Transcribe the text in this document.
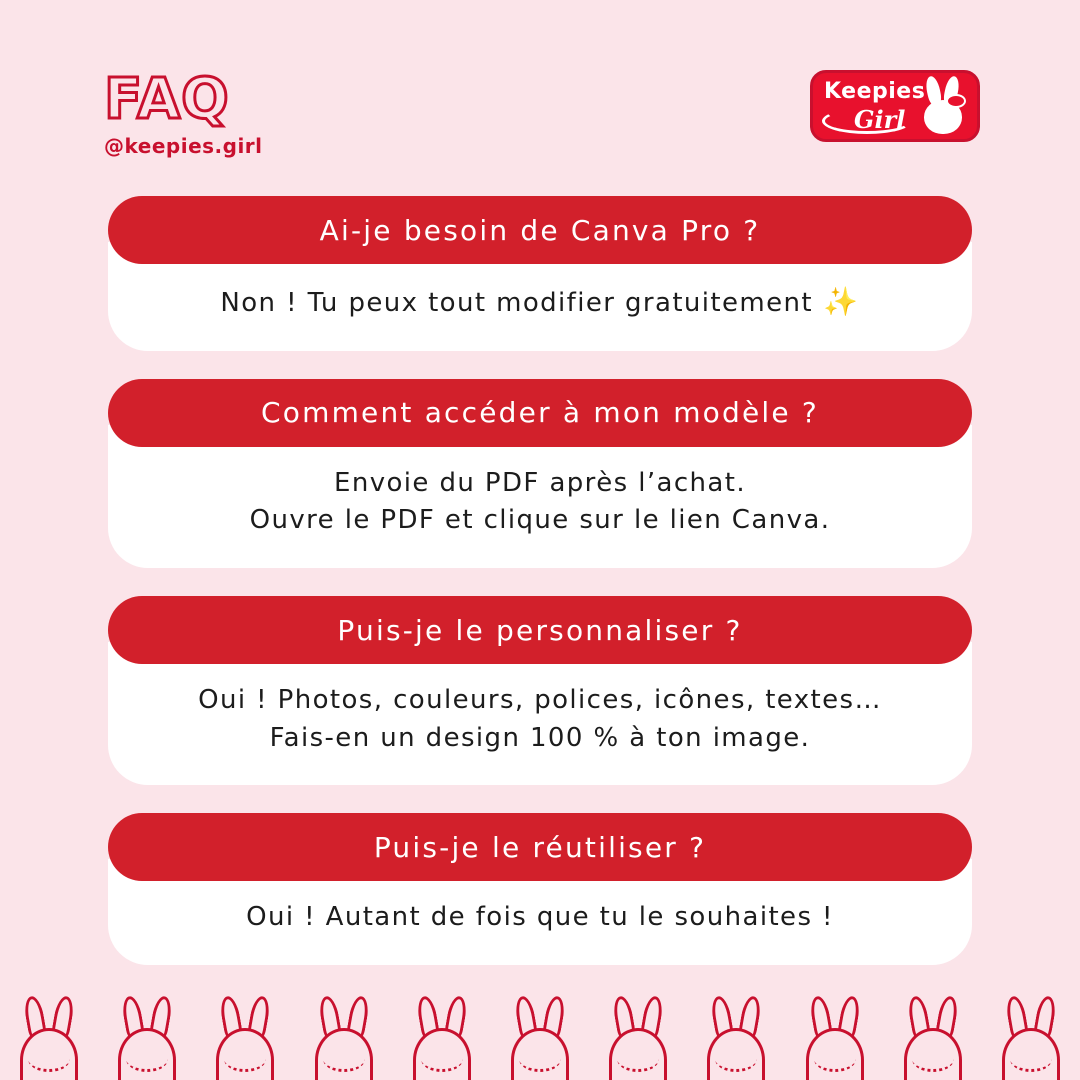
FAQ
@keepies.girl
Keepies
Girl
Ai-je besoin de Canva Pro ?
Non ! Tu peux tout modifier gratuitement ✨
Comment accéder à mon modèle ?
Envoie du PDF après l’achat.
Ouvre le PDF et clique sur le lien Canva.
Puis-je le personnaliser ?
Oui ! Photos, couleurs, polices, icônes, textes…
Fais-en un design 100 % à ton image.
Puis-je le réutiliser ?
Oui ! Autant de fois que tu le souhaites !
